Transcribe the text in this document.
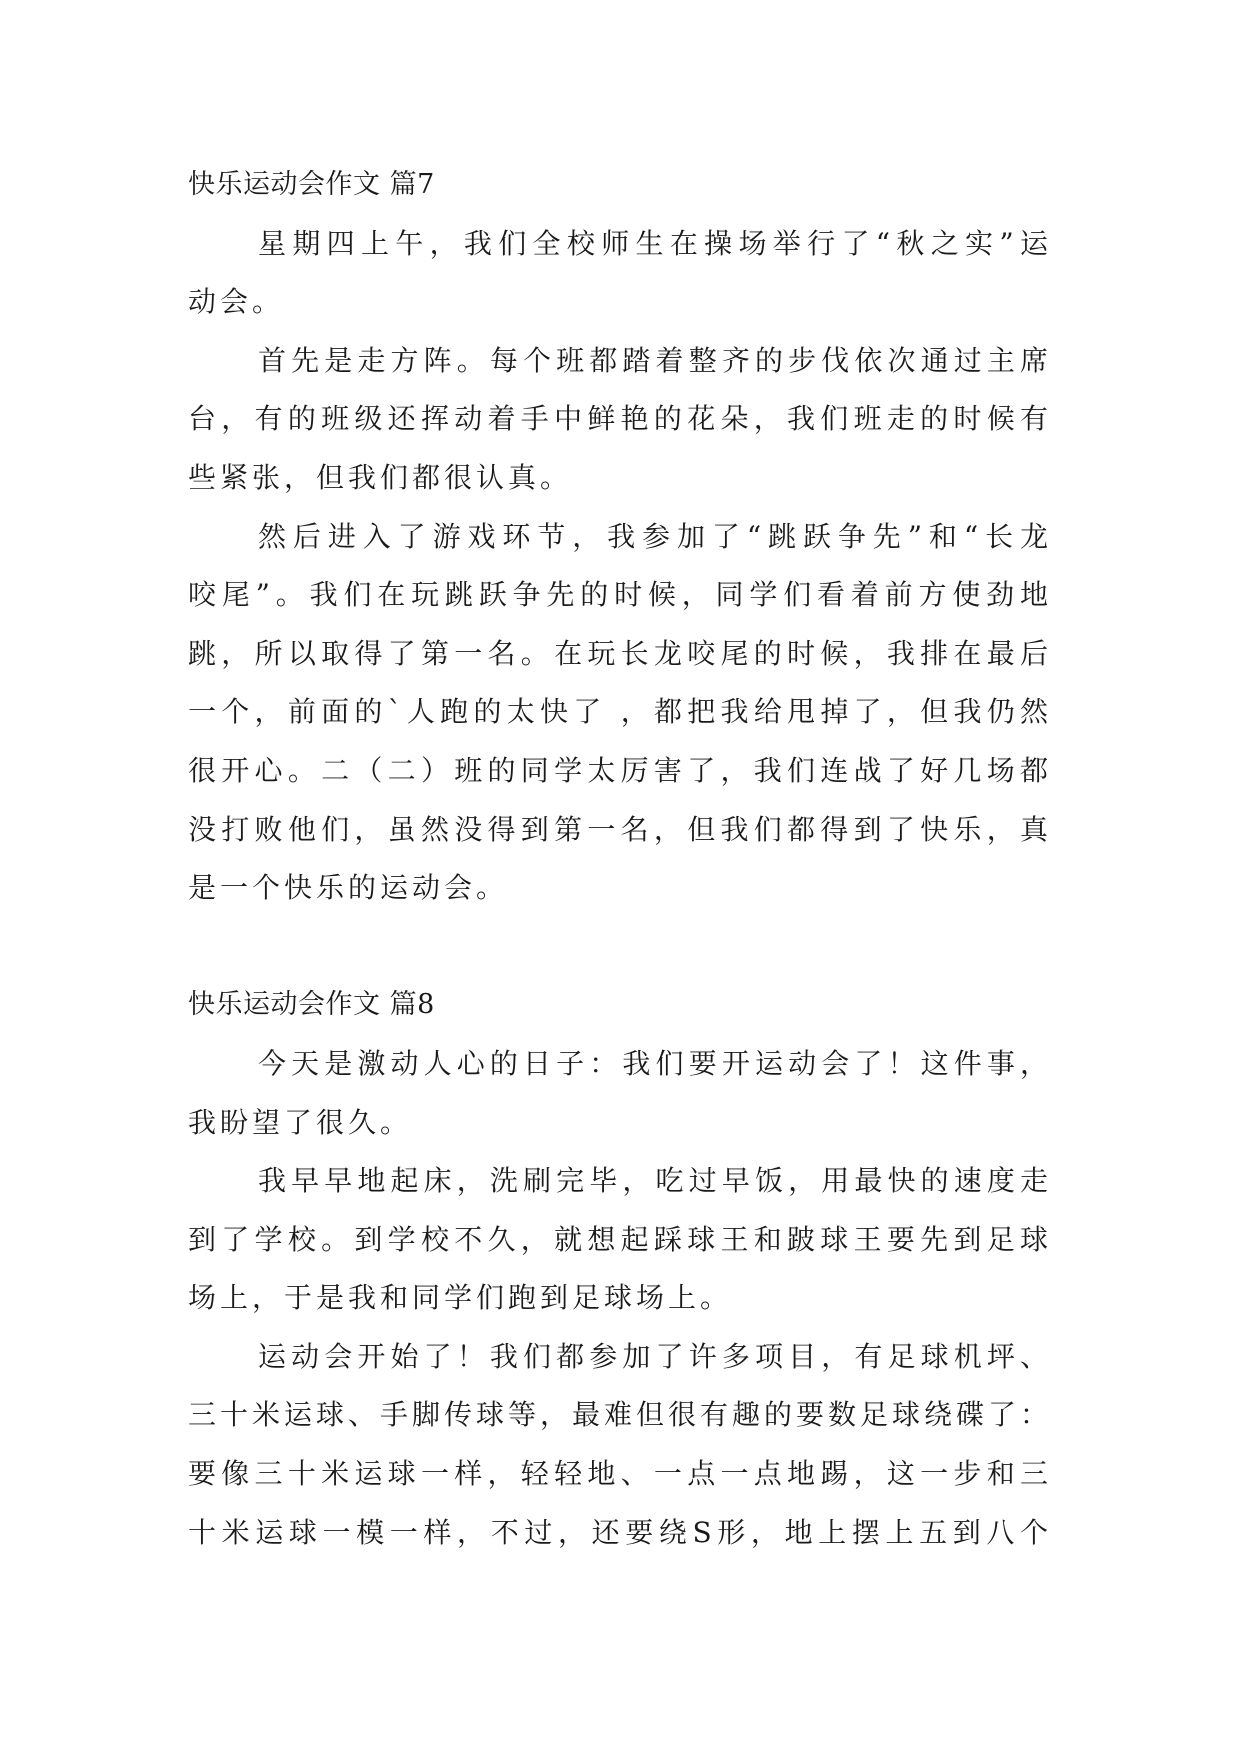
快乐运动会作文 篇7
星期四上午，我们全校师生在操场举行了“秋之实”运
动会。
首先是走方阵。每个班都踏着整齐的步伐依次通过主席
台，有的班级还挥动着手中鲜艳的花朵，我们班走的时候有
些紧张，但我们都很认真。
然后进入了游戏环节，我参加了“跳跃争先”和“长龙
咬尾”。我们在玩跳跃争先的时候，同学们看着前方使劲地
跳，所以取得了第一名。在玩长龙咬尾的时候，我排在最后
一个，前面的`人跑的太快了 ，都把我给甩掉了，但我仍然
很开心。二（二）班的同学太厉害了，我们连战了好几场都
没打败他们，虽然没得到第一名，但我们都得到了快乐，真
是一个快乐的运动会。
快乐运动会作文 篇8
今天是激动人心的日子：我们要开运动会了！这件事，
我盼望了很久。
我早早地起床，洗刷完毕，吃过早饭，用最快的速度走
到了学校。到学校不久，就想起踩球王和跛球王要先到足球
场上，于是我和同学们跑到足球场上。
运动会开始了！我们都参加了许多项目，有足球机坪、
三十米运球、手脚传球等，最难但很有趣的要数足球绕碟了：
要像三十米运球一样，轻轻地、一点一点地踢，这一步和三
十米运球一模一样，不过，还要绕S形，地上摆上五到八个
